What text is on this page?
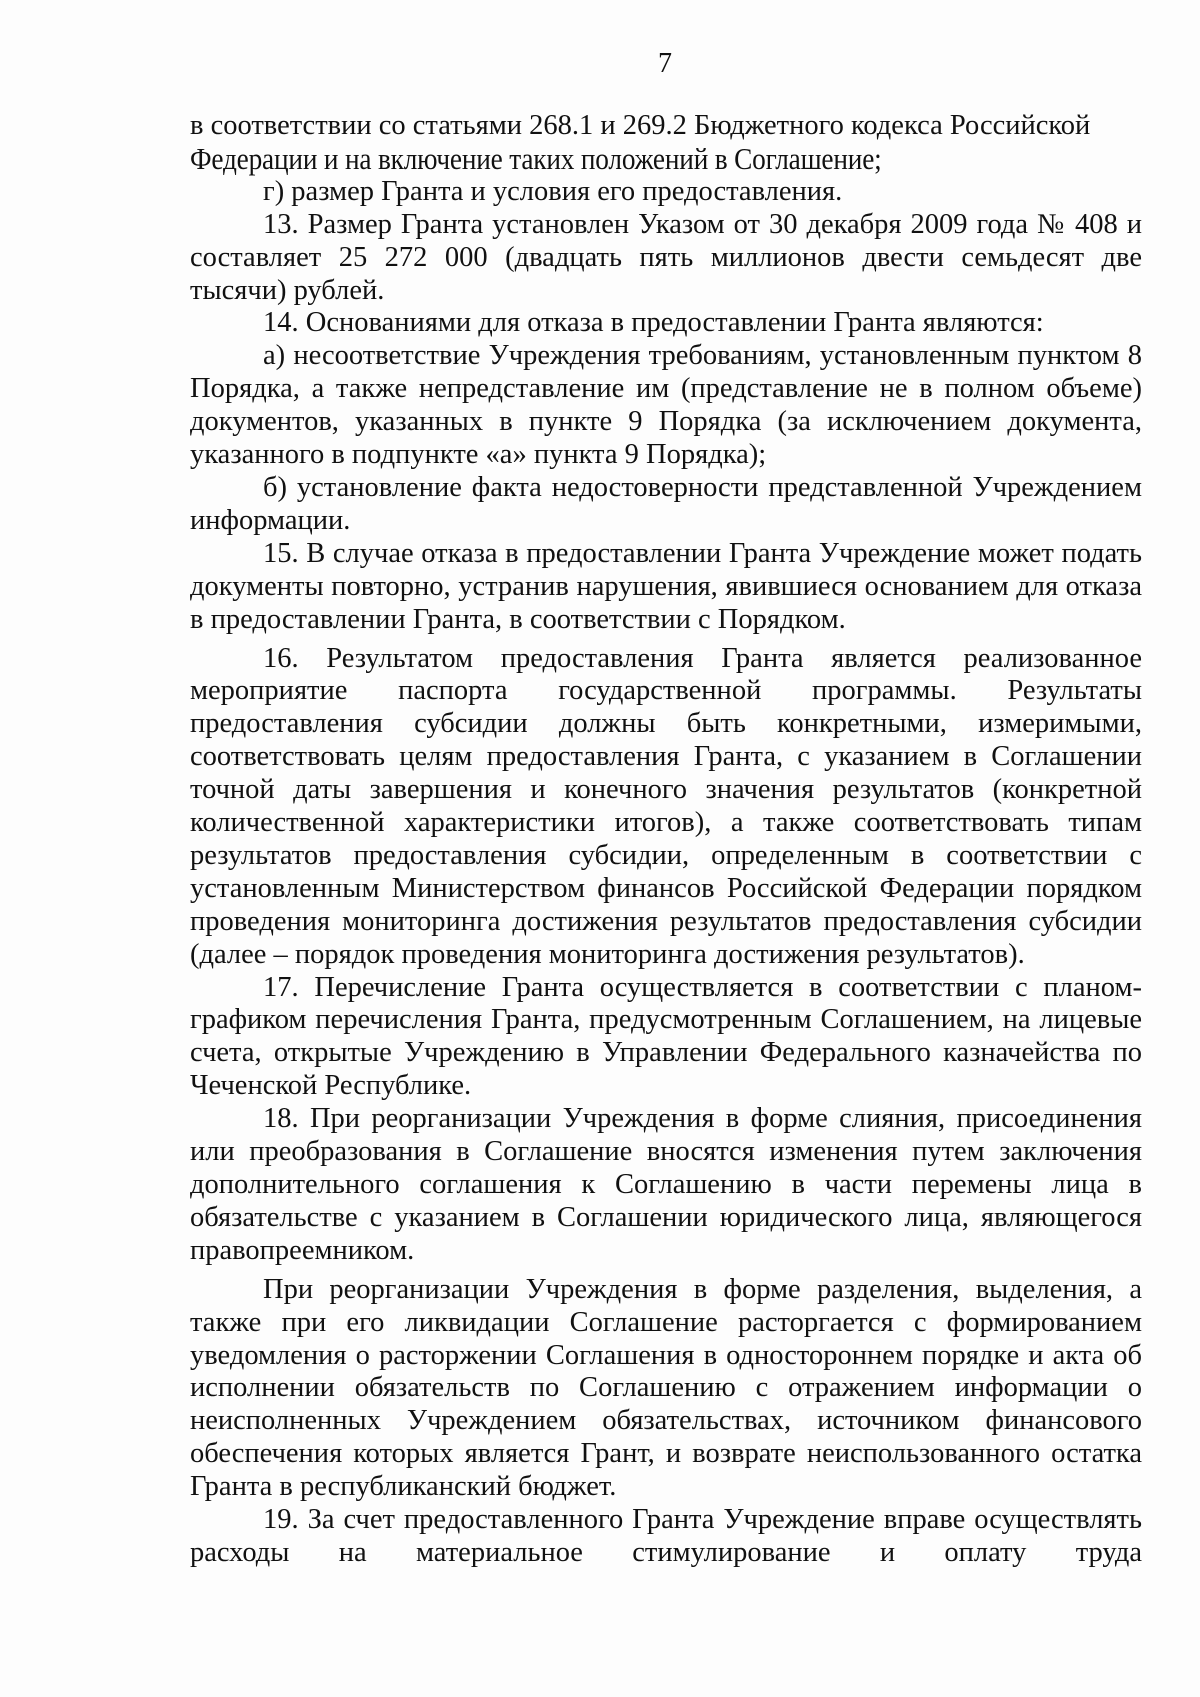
7

в соответствии со статьями 268.1 и 269.2 Бюджетного кодекса Российской

Федерации и на включение таких положений в Соглашение;

г) размер Гранта и условия его предоставления.

13. Размер Гранта установлен Указом от 30 декабря 2009 года № 408 и составляет 25 272 000 (двадцать пять миллионов двести семьдесят две тысячи) рублей.

14. Основаниями для отказа в предоставлении Гранта являются:

а) несоответствие Учреждения требованиям, установленным пунктом 8 Порядка, а также непредставление им (представление не в полном объеме) документов, указанных в пункте 9 Порядка (за исключением документа, указанного в подпункте «а» пункта 9 Порядка);

б) установление факта недостоверности представленной Учреждением информации.

15. В случае отказа в предоставлении Гранта Учреждение может подать документы повторно, устранив нарушения, явившиеся основанием для отказа в предоставлении Гранта, в соответствии с Порядком.

16. Результатом предоставления Гранта является реализованное мероприятие паспорта государственной программы. Результаты предоставления субсидии должны быть конкретными, измеримыми, соответствовать целям предоставления Гранта, с указанием в Соглашении точной даты завершения и конечного значения результатов (конкретной количественной характеристики итогов), а также соответствовать типам результатов предоставления субсидии, определенным в соответствии с установленным Министерством финансов Российской Федерации порядком проведения мониторинга достижения результатов предоставления субсидии (далее – порядок проведения мониторинга достижения результатов).

17. Перечисление Гранта осуществляется в соответствии с планом-графиком перечисления Гранта, предусмотренным Соглашением, на лицевые счета, открытые Учреждению в Управлении Федерального казначейства по Чеченской Республике.

18. При реорганизации Учреждения в форме слияния, присоединения или преобразования в Соглашение вносятся изменения путем заключения дополнительного соглашения к Соглашению в части перемены лица в обязательстве с указанием в Соглашении юридического лица, являющегося правопреемником.

При реорганизации Учреждения в форме разделения, выделения, а также при его ликвидации Соглашение расторгается с формированием уведомления о расторжении Соглашения в одностороннем порядке и акта об исполнении обязательств по Соглашению с отражением информации о неисполненных Учреждением обязательствах, источником финансового обеспечения которых является Грант, и возврате неиспользованного остатка Гранта в республиканский бюджет.

19. За счет предоставленного Гранта Учреждение вправе осуществлять расходы на материальное стимулирование и оплату труда
